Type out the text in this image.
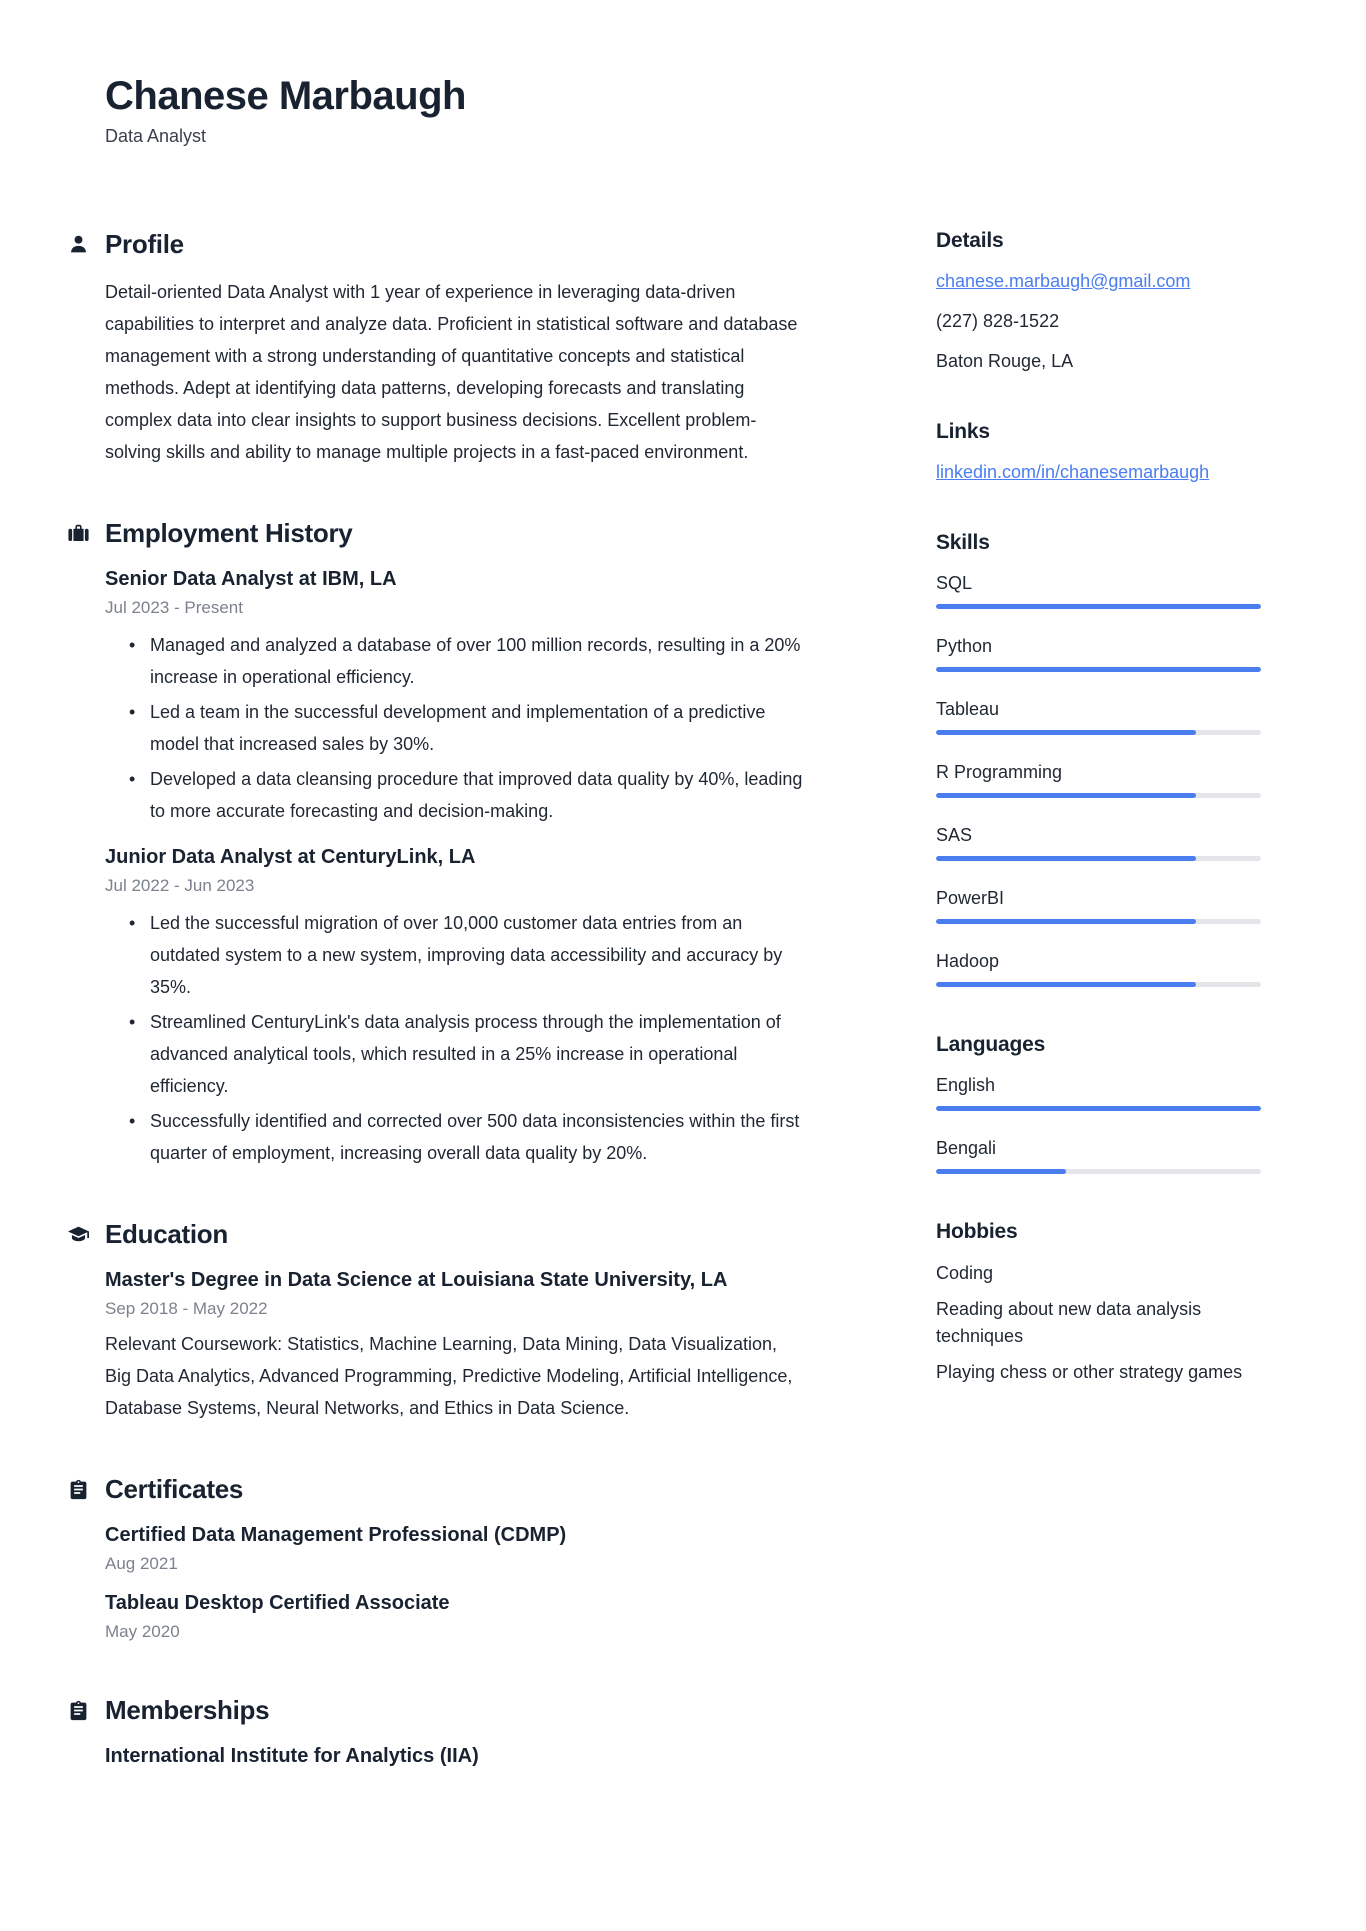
Chanese Marbaugh
Data Analyst
Profile

Detail-oriented Data Analyst with 1 year of experience in leveraging data-driven capabilities to interpret and analyze data. Proficient in statistical software and database management with a strong understanding of quantitative concepts and statistical methods. Adept at identifying data patterns, developing forecasts and translating complex data into clear insights to support business decisions. Excellent problem-solving skills and ability to manage multiple projects in a fast-paced environment.

Employment History
Senior Data Analyst at IBM, LA
Jul 2023 - Present
• Managed and analyzed a database of over 100 million records, resulting in a 20% increase in operational efficiency.
• Led a team in the successful development and implementation of a predictive model that increased sales by 30%.
• Developed a data cleansing procedure that improved data quality by 40%, leading to more accurate forecasting and decision-making.
Junior Data Analyst at CenturyLink, LA
Jul 2022 - Jun 2023
• Led the successful migration of over 10,000 customer data entries from an outdated system to a new system, improving data accessibility and accuracy by 35%.
• Streamlined CenturyLink's data analysis process through the implementation of advanced analytical tools, which resulted in a 25% increase in operational efficiency.
• Successfully identified and corrected over 500 data inconsistencies within the first quarter of employment, increasing overall data quality by 20%.
Education
Master's Degree in Data Science at Louisiana State University, LA
Sep 2018 - May 2022

Relevant Coursework: Statistics, Machine Learning, Data Mining, Data Visualization, Big Data Analytics, Advanced Programming, Predictive Modeling, Artificial Intelligence, Database Systems, Neural Networks, and Ethics in Data Science.

Certificates
Certified Data Management Professional (CDMP)
Aug 2021
Tableau Desktop Certified Associate
May 2020
Memberships
International Institute for Analytics (IIA)
Details
chanese.marbaugh@gmail.com
(227) 828-1522
Baton Rouge, LA
Links
linkedin.com/in/chanesemarbaugh
Skills
SQL
Python
Tableau
R Programming
SAS
PowerBI
Hadoop
Languages
English
Bengali
Hobbies
Coding
Reading about new data analysis techniques
Playing chess or other strategy games
